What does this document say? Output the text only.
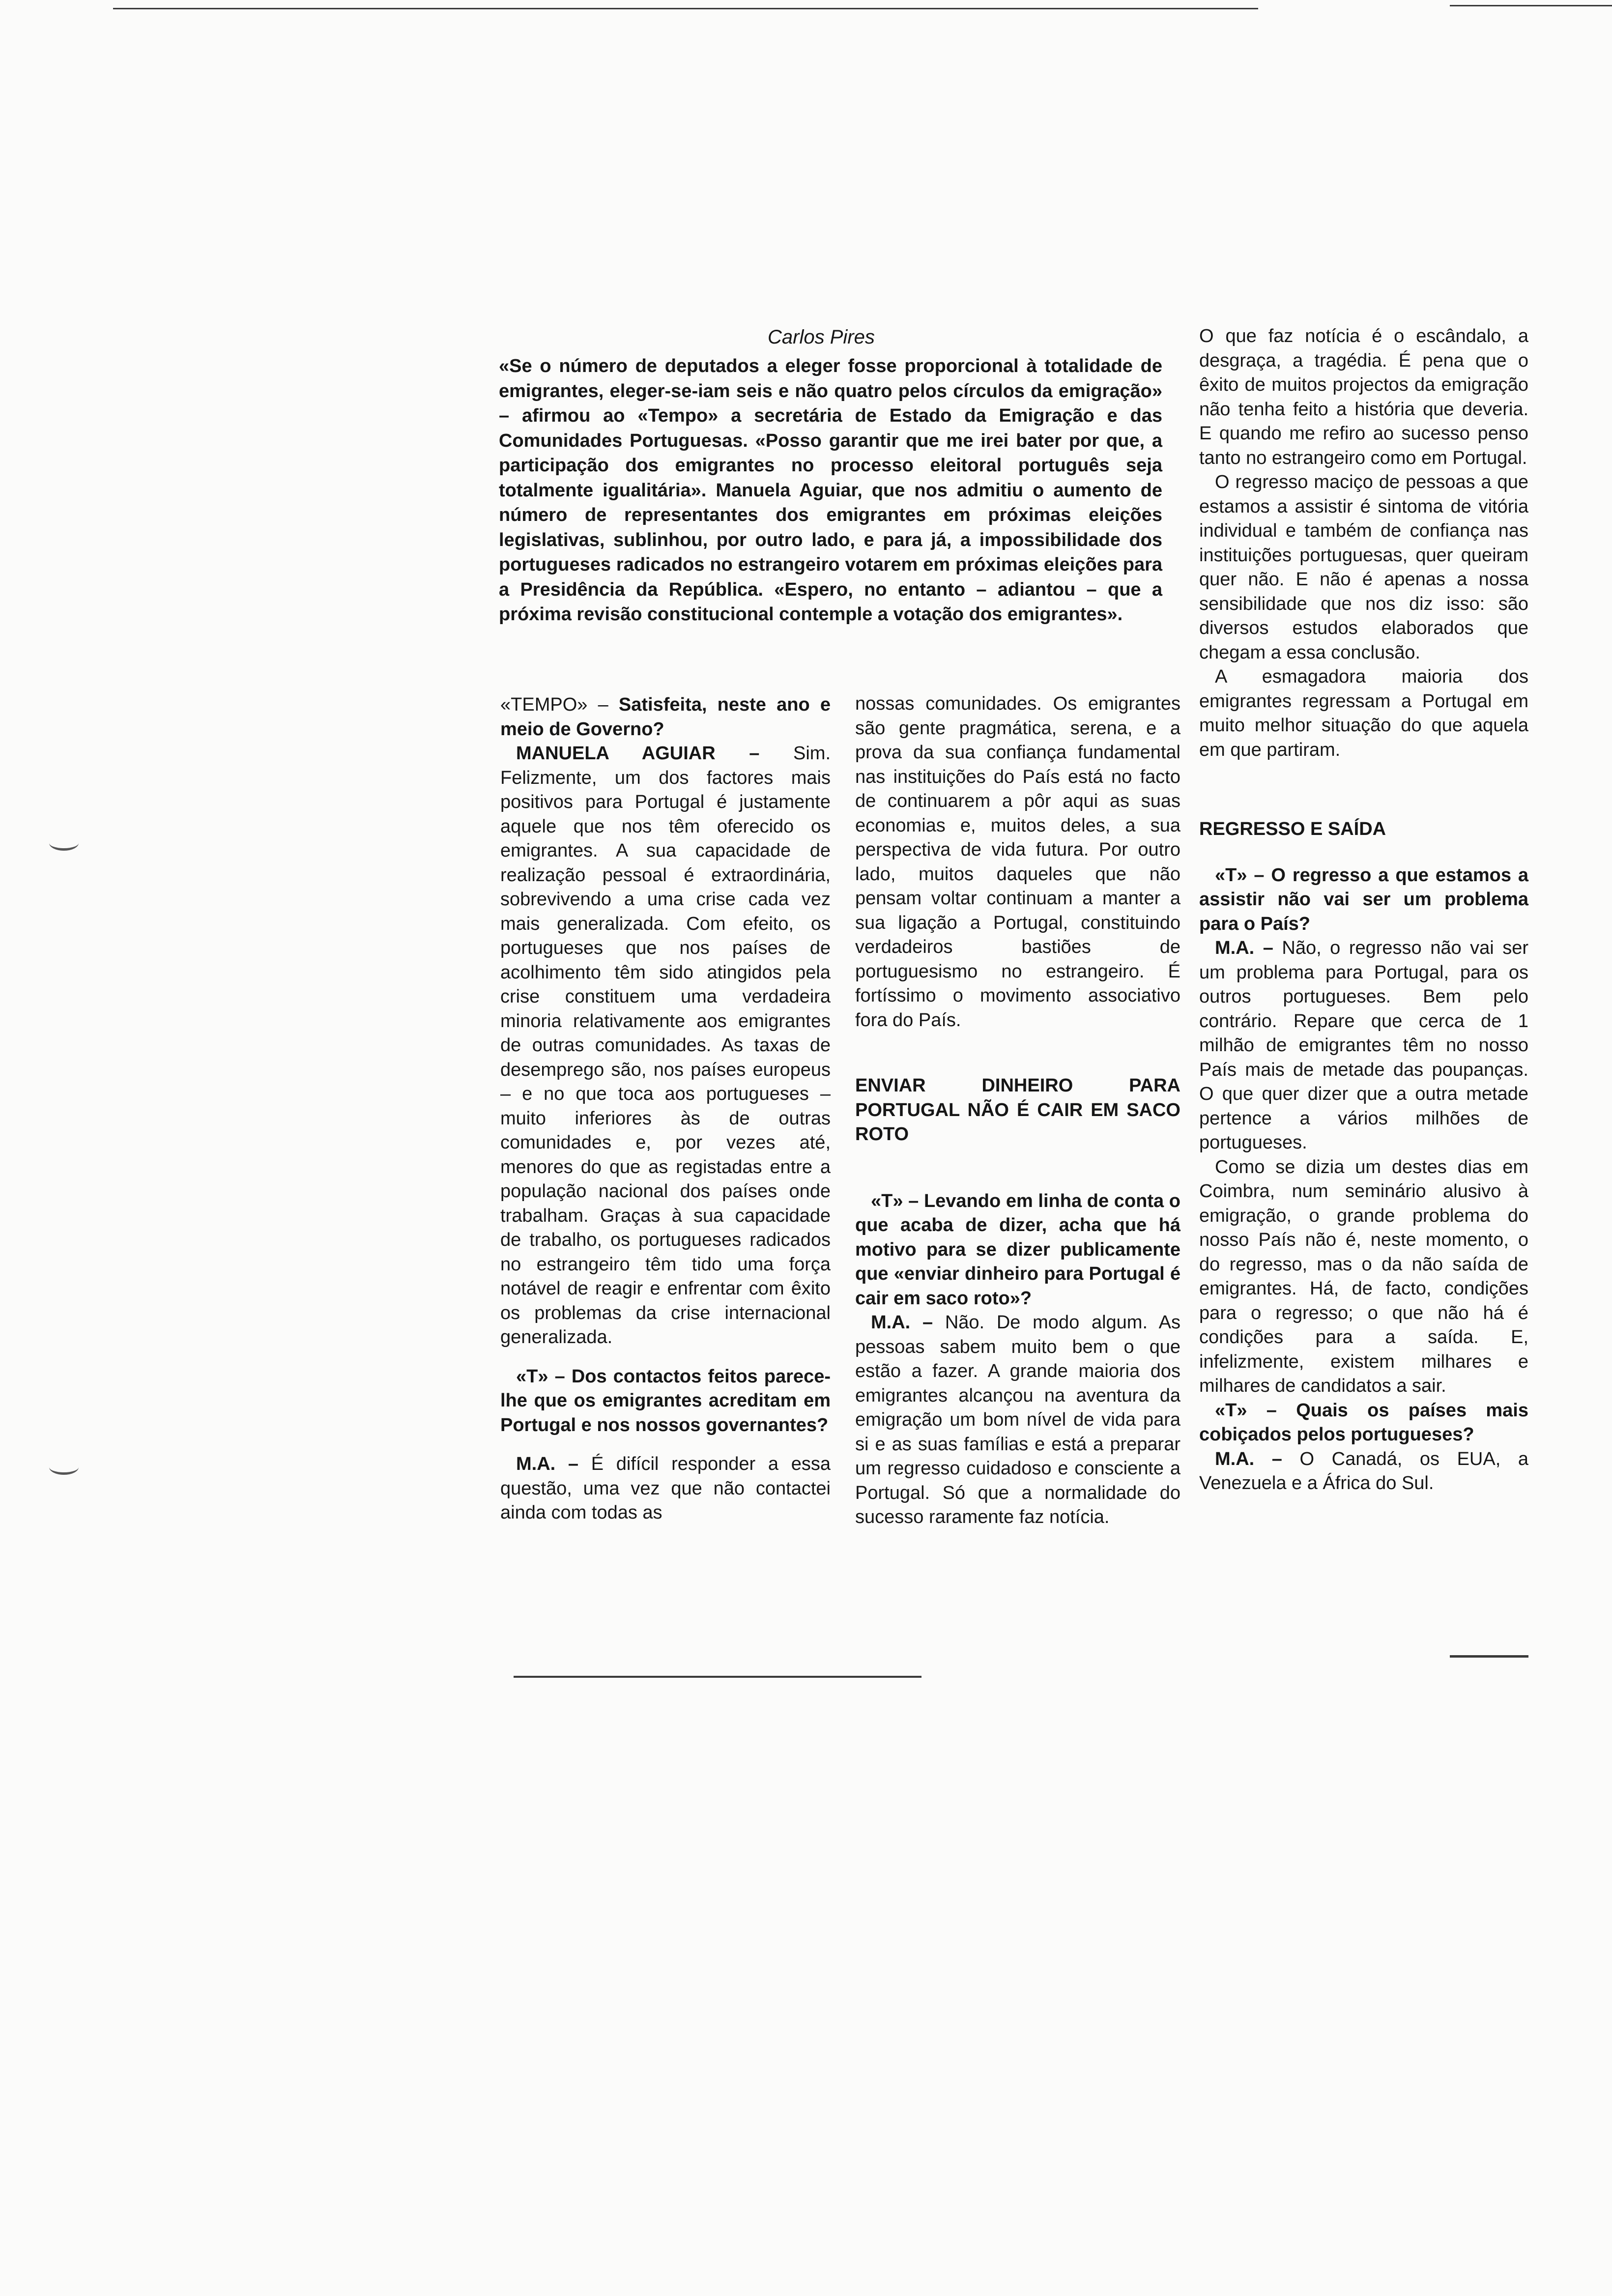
Carlos Pires

«Se o número de deputados a eleger fosse proporcional à totalidade de emigrantes, eleger-se-iam seis e não quatro pelos círculos da emigração» – afirmou ao «Tempo» a secretária de Estado da Emigração e das Comunidades Portuguesas. «Posso garantir que me irei bater por que, a participação dos emigrantes no processo eleitoral português seja totalmente igualitária». Manuela Aguiar, que nos admitiu o aumento de número de representantes dos emigrantes em próximas eleições legislativas, sublinhou, por outro lado, e para já, a impossibilidade dos portugueses radicados no estrangeiro votarem em próximas eleições para a Presidência da República. «Espero, no entanto – adiantou – que a próxima revisão constitucional contemple a votação dos emigrantes».

«TEMPO» – Satisfeita, neste ano e meio de Governo?

MANUELA AGUIAR – Sim. Felizmente, um dos factores mais positivos para Portugal é justamente aquele que nos têm oferecido os emigrantes. A sua capacidade de realização pessoal é extraordinária, sobrevivendo a uma crise cada vez mais generalizada. Com efeito, os portugueses que nos países de acolhimento têm sido atingidos pela crise constituem uma verdadeira minoria relativamente aos emigrantes de outras comunidades. As taxas de desemprego são, nos países europeus – e no que toca aos portugueses – muito inferiores às de outras comunidades e, por vezes até, menores do que as registadas entre a população nacional dos países onde trabalham. Graças à sua capacidade de trabalho, os portugueses radicados no estrangeiro têm tido uma força notável de reagir e enfrentar com êxito os problemas da crise internacional generalizada.

«T» – Dos contactos feitos parece-lhe que os emigrantes acreditam em Portugal e nos nossos governantes?

M.A. – É difícil responder a essa questão, uma vez que não contactei ainda com todas as

nossas comunidades. Os emigrantes são gente pragmática, serena, e a prova da sua confiança fundamental nas instituições do País está no facto de continuarem a pôr aqui as suas economias e, muitos deles, a sua perspectiva de vida futura. Por outro lado, muitos daqueles que não pensam voltar continuam a manter a sua ligação a Portugal, constituindo verdadeiros bastiões de portuguesismo no estrangeiro. É fortíssimo o movimento associativo fora do País.

ENVIAR DINHEIRO PARA PORTUGAL NÃO É CAIR EM SACO ROTO

«T» – Levando em linha de conta o que acaba de dizer, acha que há motivo para se dizer publicamente que «enviar dinheiro para Portugal é cair em saco roto»?

M.A. – Não. De modo algum. As pessoas sabem muito bem o que estão a fazer. A grande maioria dos emigrantes alcançou na aventura da emigração um bom nível de vida para si e as suas famílias e está a preparar um regresso cuidadoso e consciente a Portugal. Só que a normalidade do sucesso raramente faz notícia.

O que faz notícia é o escândalo, a desgraça, a tragédia. É pena que o êxito de muitos projectos da emigração não tenha feito a história que deveria. E quando me refiro ao sucesso penso tanto no estrangeiro como em Portugal.

O regresso maciço de pessoas a que estamos a assistir é sintoma de vitória individual e também de confiança nas instituições portuguesas, quer queiram quer não. E não é apenas a nossa sensibilidade que nos diz isso: são diversos estudos elaborados que chegam a essa conclusão.

A esmagadora maioria dos emigrantes regressam a Portugal em muito melhor situação do que aquela em que partiram.

REGRESSO E SAÍDA

«T» – O regresso a que estamos a assistir não vai ser um problema para o País?

M.A. – Não, o regresso não vai ser um problema para Portugal, para os outros portugueses. Bem pelo contrário. Repare que cerca de 1 milhão de emigrantes têm no nosso País mais de metade das poupanças. O que quer dizer que a outra metade pertence a vários milhões de portugueses.

Como se dizia um destes dias em Coimbra, num seminário alusivo à emigração, o grande problema do nosso País não é, neste momento, o do regresso, mas o da não saída de emigrantes. Há, de facto, condições para o regresso; o que não há é condições para a saída. E, infelizmente, existem milhares e milhares de candidatos a sair.

«T» – Quais os países mais cobiçados pelos portugueses?

M.A. – O Canadá, os EUA, a Venezuela e a África do Sul.
